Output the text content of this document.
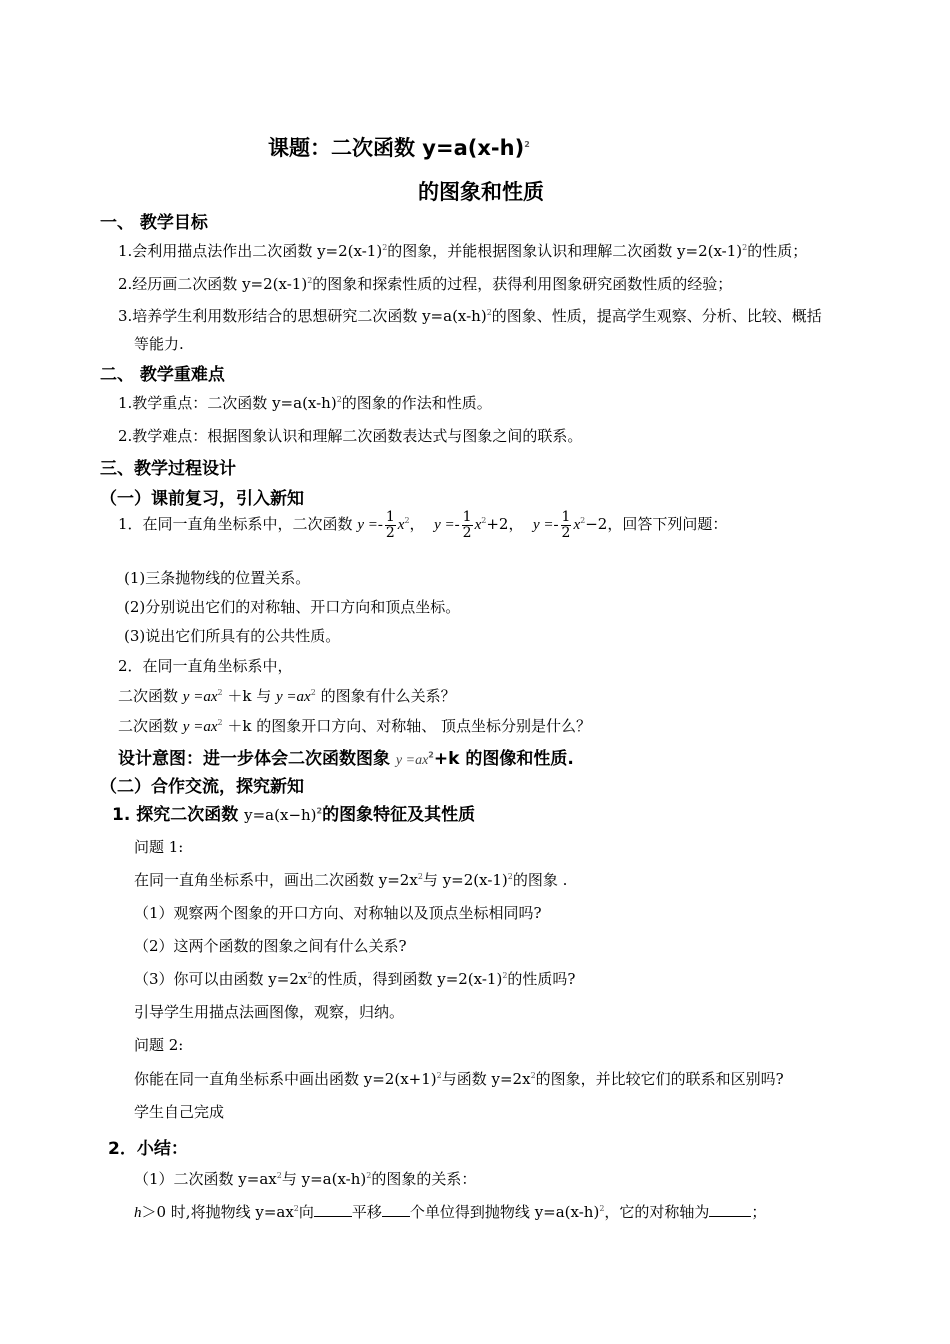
课题：二次函数 $y=a(x-h)^2$
的图象和性质
一、 教学目标
1.会利用描点法作出二次函数 $y=2(x-1)^2$的图象，并能根据图象认识和理解二次函数 $y=2(x-1)^2$的性质；
2.经历画二次函数 $y=2(x-1)^2$的图象和探索性质的过程，获得利用图象研究函数性质的经验；
3.培养学生利用数形结合的思想研究二次函数 $y=a(x-h)^2$的图象、性质，提高学生观察、分析、比较、概括
等能力.
二、 教学重难点
1.教学重点：二次函数 $y=a(x-h)^2$的图象的作法和性质。
2.教学难点：根据图象认识和理解二次函数表达式与图象之间的联系。
三、教学过程设计
（一）课前复习，引入新知
1．在同一直角坐标系中，二次函数 $y =- \frac{1}{2} x^2$， $y =- \frac{1}{2} x^2+2$， $y =- \frac{1}{2} x^2-2$，回答下列问题：
(1)三条抛物线的位置关系。
(2)分别说出它们的对称轴、开口方向和顶点坐标。
(3)说出它们所具有的公共性质。
2．在同一直角坐标系中，
二次函数 $y =ax^2 +k$ 与 $y =ax^2$ 的图象有什么关系？
二次函数 $y =ax^2 +k$ 的图象开口方向、对称轴、 顶点坐标分别是什么？
设计意图：进一步体会二次函数图象 $y =ax^2+k$ 的图像和性质.
（二）合作交流，探究新知
1. 探究二次函数 $y=a(x-h)^2$的图象特征及其性质
问题 1:
在同一直角坐标系中，画出二次函数 $y=2x^2$与 $y=2(x-1)^2$的图象 .
（1）观察两个图象的开口方向、对称轴以及顶点坐标相同吗?
（2）这两个函数的图象之间有什么关系?
（3）你可以由函数 $y=2x^2$的性质，得到函数 $y=2(x-1)^2$的性质吗?
引导学生用描点法画图像，观察，归纳。
问题 2:
你能在同一直角坐标系中画出函数 $y=2(x+1)^2$与函数 $y=2x^2$的图象，并比较它们的联系和区别吗?
学生自己完成
2．小结：
（1）二次函数 $y=ax^2$与 $y=a(x-h)^2$的图象的关系：
h＞0 时,将抛物线 $y=ax^2$向	平移 个单位得到抛物线 $y=a(x-h)^2$，它的对称轴为	；
